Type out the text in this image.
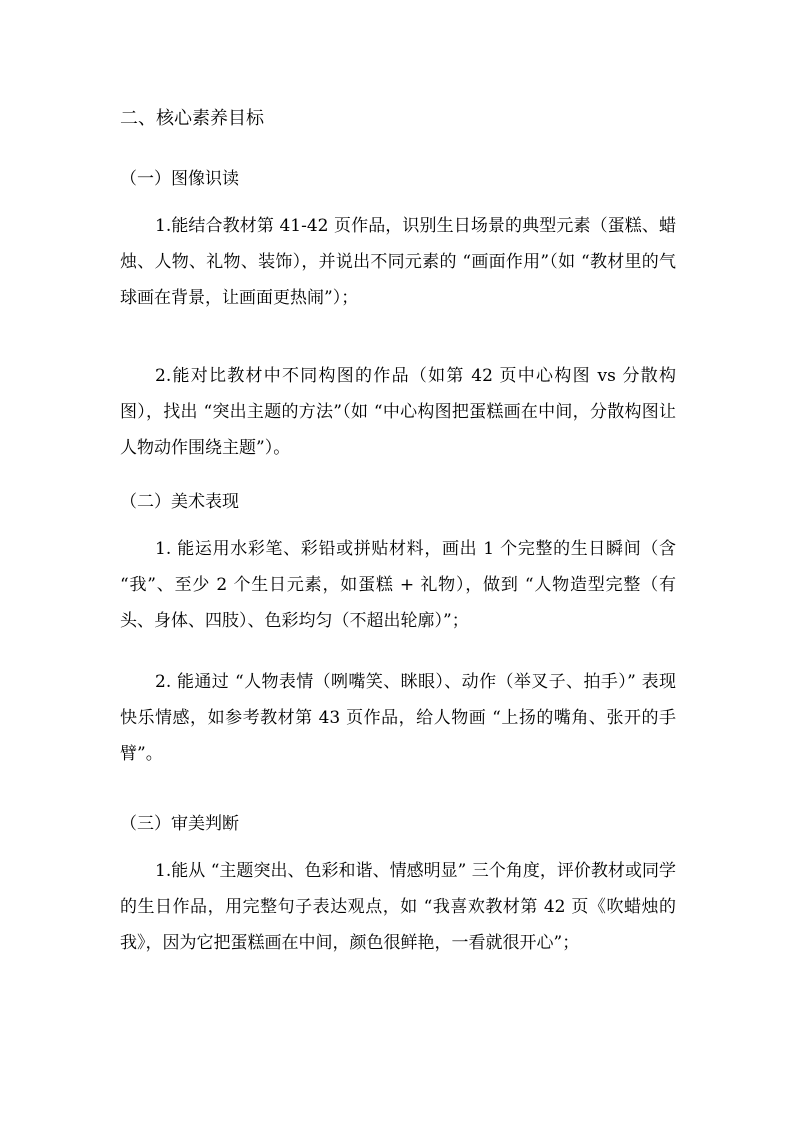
二、核心素养目标
（一）图像识读

1.能结合教材第 41-42 页作品，识别生日场景的典型元素（蛋糕、蜡烛、人物、礼物、装饰），并说出不同元素的 “画面作用”（如 “教材里的气球画在背景，让画面更热闹”）；

2.能对比教材中不同构图的作品（如第 42 页中心构图 vs 分散构图），找出 “突出主题的方法”（如 “中心构图把蛋糕画在中间，分散构图让人物动作围绕主题”）。

（二）美术表现

1. 能运用水彩笔、彩铅或拼贴材料，画出 1 个完整的生日瞬间（含 “我”、至少 2 个生日元素，如蛋糕 + 礼物），做到 “人物造型完整（有头、身体、四肢）、色彩均匀（不超出轮廓）”；

2. 能通过 “人物表情（咧嘴笑、眯眼）、动作（举叉子、拍手）” 表现快乐情感，如参考教材第 43 页作品，给人物画 “上扬的嘴角、张开的手臂”。

（三）审美判断

1.能从 “主题突出、色彩和谐、情感明显” 三个角度，评价教材或同学的生日作品，用完整句子表达观点，如 “我喜欢教材第 42 页《吹蜡烛的我》，因为它把蛋糕画在中间，颜色很鲜艳，一看就很开心”；
